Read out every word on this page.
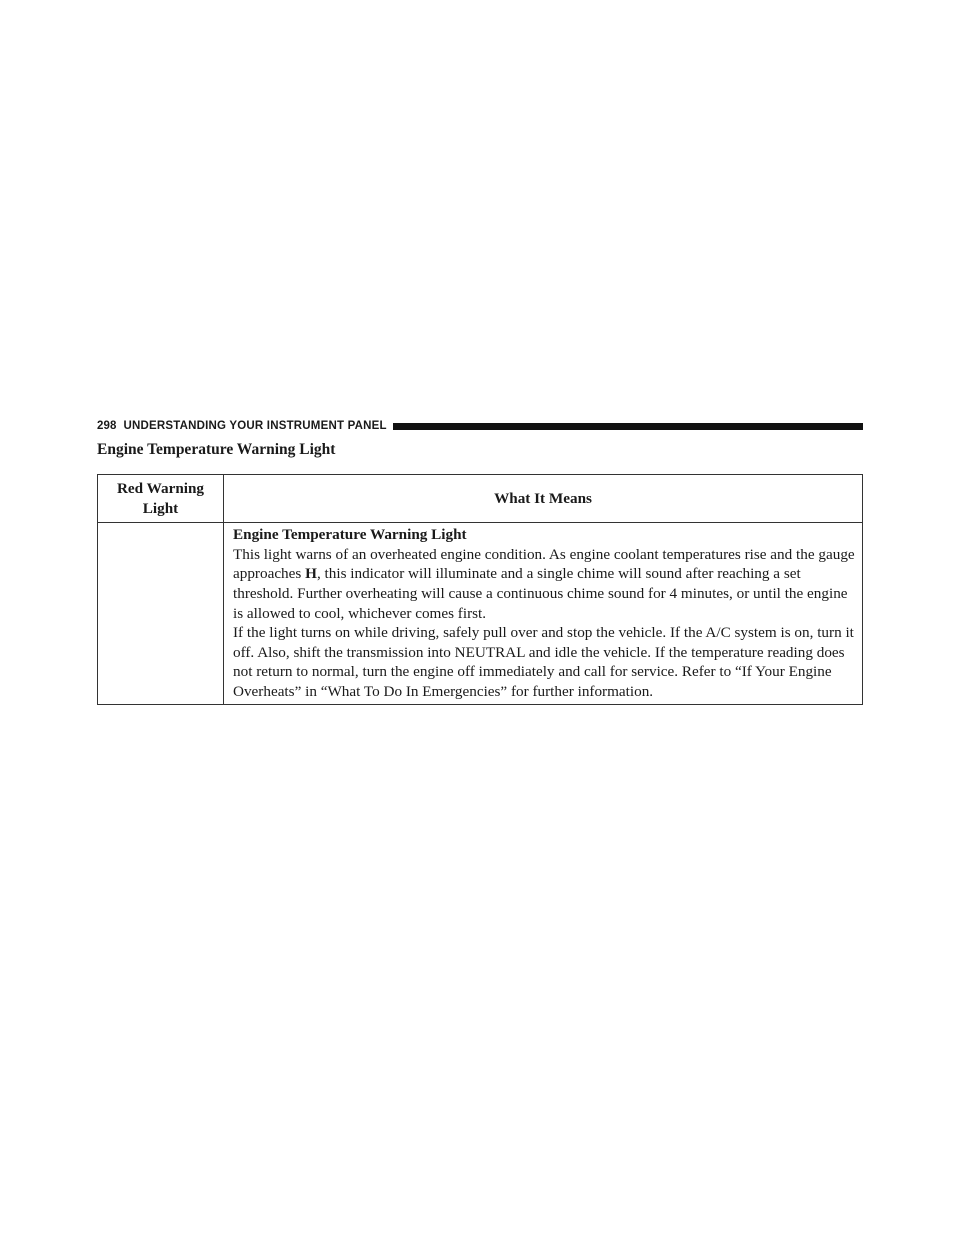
298 UNDERSTANDING YOUR INSTRUMENT PANEL
Engine Temperature Warning Light
Red Warning Light	What It Means

	Engine Temperature Warning Light

This light warns of an overheated engine condition. As engine coolant temperatures rise and the gauge approaches H, this indicator will illuminate and a single chime will sound after reaching a set threshold. Further overheating will cause a continuous chime sound for 4 minutes, or until the engine is allowed to cool, whichever comes first.

If the light turns on while driving, safely pull over and stop the vehicle. If the A/C system is on, turn it off. Also, shift the transmission into NEUTRAL and idle the vehicle. If the temperature reading does not return to normal, turn the engine off immediately and call for service. Refer to “If Your Engine Overheats” in “What To Do In Emergencies” for further information.
